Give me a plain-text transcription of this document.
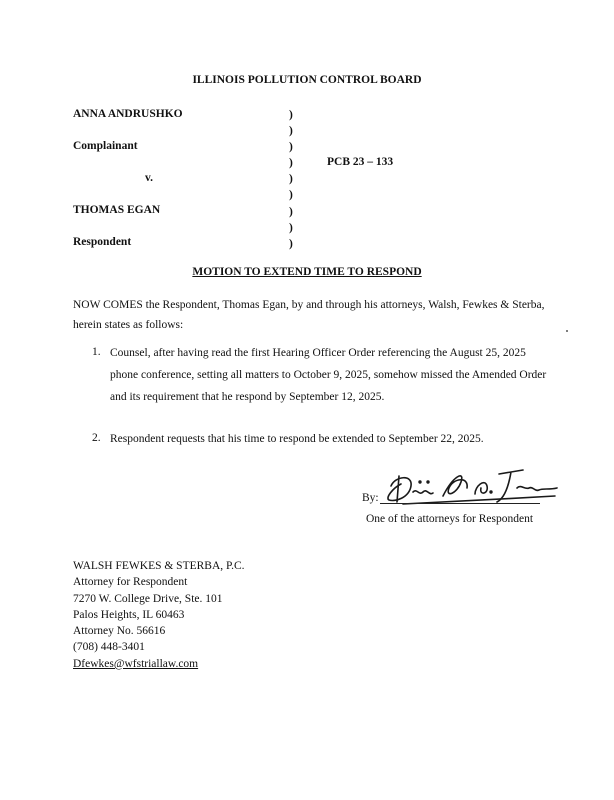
ILLINOIS POLLUTION CONTROL BOARD

ANNA ANDRUSHKO

Complainant

v.

THOMAS EGAN

Respondent

PCB 23 – 133

)
)
)
)
)
)
)
)
)

MOTION TO EXTEND TIME TO RESPOND

NOW COMES the Respondent, Thomas Egan, by and through his attorneys, Walsh, Fewkes & Sterba, herein states as follows:

1. Counsel, after having read the first Hearing Officer Order referencing the August 25, 2025 phone conference, setting all matters to October 9, 2025, somehow missed the Amended Order and its requirement that he respond by September 12, 2025.

2. Respondent requests that his time to respond be extended to September 22, 2025.

By:

One of the attorneys for Respondent

WALSH FEWKES & STERBA, P.C.
Attorney for Respondent
7270 W. College Drive, Ste. 101
Palos Heights, IL 60463
Attorney No. 56616
(708) 448-3401
Dfewkes@wfstriallaw.com
